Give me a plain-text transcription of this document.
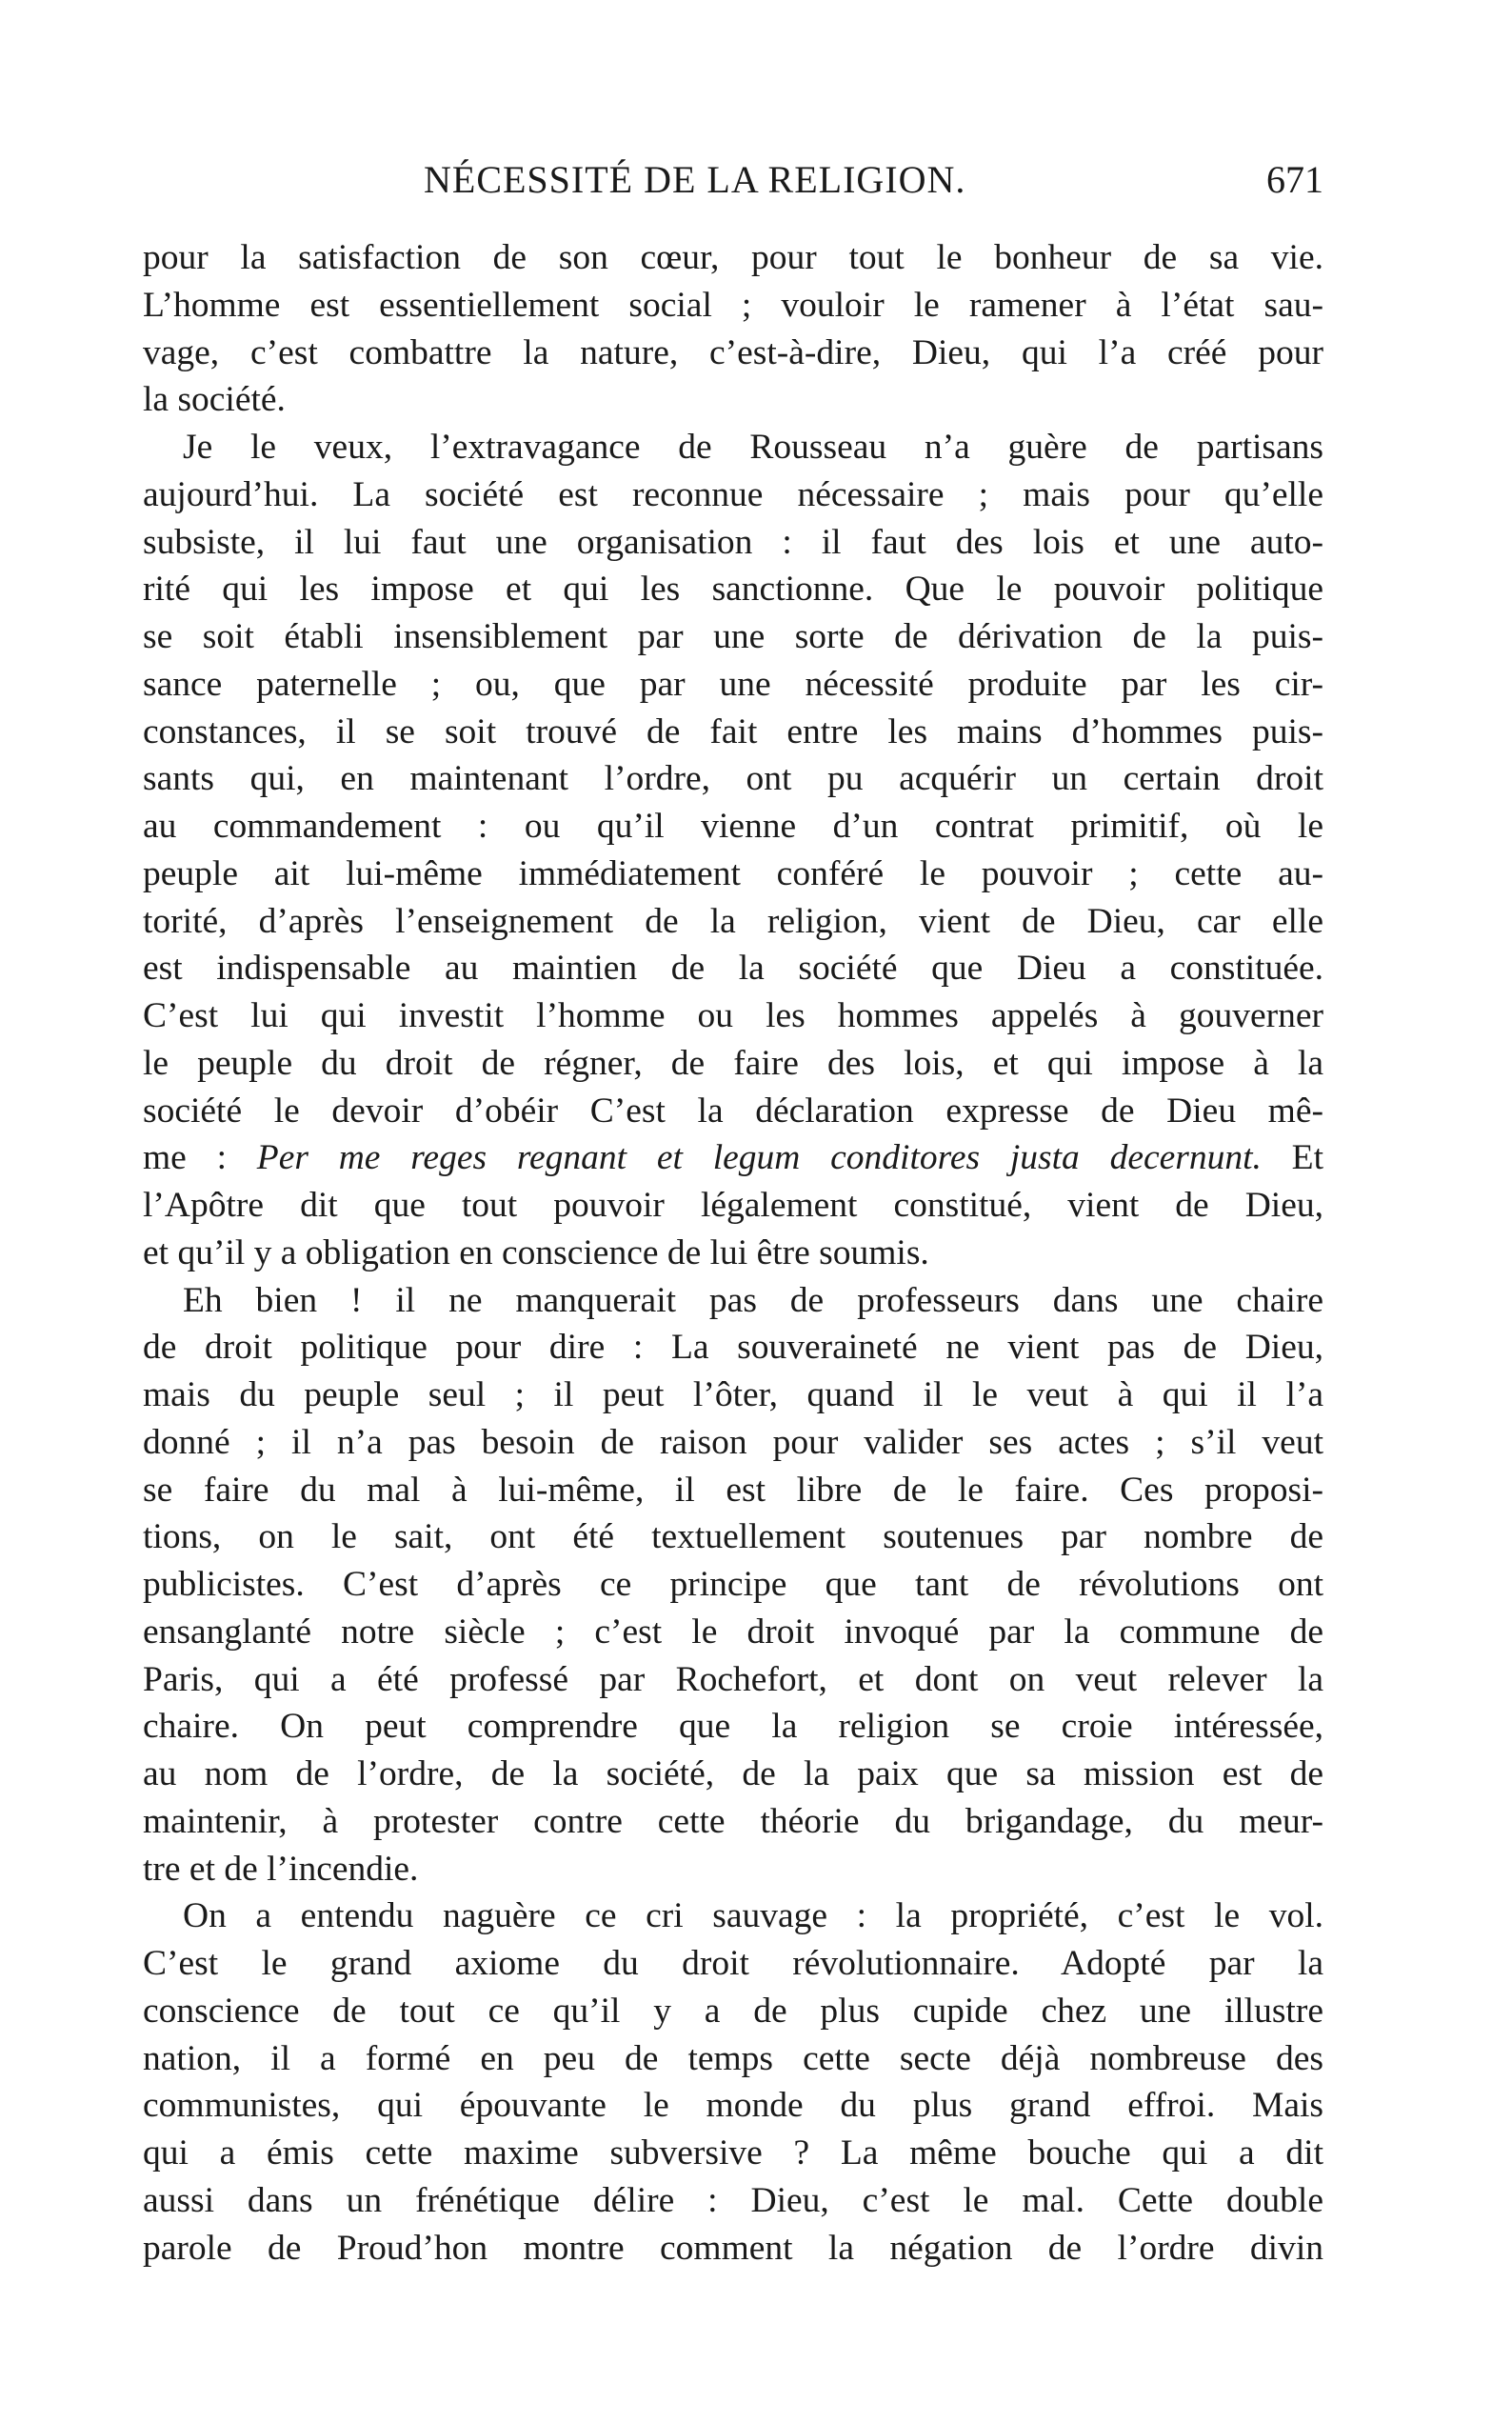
NÉCESSITÉ DE LA RELIGION.	671
pour la satisfaction de son cœur, pour tout le bonheur de sa vie.
L’homme est essentiellement social ; vouloir le ramener à l’état sau-
vage, c’est combattre la nature, c’est-à-dire, Dieu, qui l’a créé pour
la société.
Je le veux, l’extravagance de Rousseau n’a guère de partisans
aujourd’hui. La société est reconnue nécessaire ; mais pour qu’elle
subsiste, il lui faut une organisation : il faut des lois et une auto-
rité qui les impose et qui les sanctionne. Que le pouvoir politique
se soit établi insensiblement par une sorte de dérivation de la puis-
sance paternelle ; ou, que par une nécessité produite par les cir-
constances, il se soit trouvé de fait entre les mains d’hommes puis-
sants qui, en maintenant l’ordre, ont pu acquérir un certain droit
au commandement : ou qu’il vienne d’un contrat primitif, où le
peuple ait lui-même immédiatement conféré le pouvoir ; cette au-
torité, d’après l’enseignement de la religion, vient de Dieu, car elle
est indispensable au maintien de la société que Dieu a constituée.
C’est lui qui investit l’homme ou les hommes appelés à gouverner
le peuple du droit de régner, de faire des lois, et qui impose à la
société le devoir d’obéir C’est la déclaration expresse de Dieu mê-
me : Per me reges regnant et legum conditores justa decernunt. Et
l’Apôtre dit que tout pouvoir légalement constitué, vient de Dieu,
et qu’il y a obligation en conscience de lui être soumis.
Eh bien ! il ne manquerait pas de professeurs dans une chaire
de droit politique pour dire : La souveraineté ne vient pas de Dieu,
mais du peuple seul ; il peut l’ôter, quand il le veut à qui il l’a
donné ; il n’a pas besoin de raison pour valider ses actes ; s’il veut
se faire du mal à lui-même, il est libre de le faire. Ces proposi-
tions, on le sait, ont été textuellement soutenues par nombre de
publicistes. C’est d’après ce principe que tant de révolutions ont
ensanglanté notre siècle ; c’est le droit invoqué par la commune de
Paris, qui a été professé par Rochefort, et dont on veut relever la
chaire. On peut comprendre que la religion se croie intéressée,
au nom de l’ordre, de la société, de la paix que sa mission est de
maintenir, à protester contre cette théorie du brigandage, du meur-
tre et de l’incendie.
On a entendu naguère ce cri sauvage : la propriété, c’est le vol.
C’est le grand axiome du droit révolutionnaire. Adopté par la
conscience de tout ce qu’il y a de plus cupide chez une illustre
nation, il a formé en peu de temps cette secte déjà nombreuse des
communistes, qui épouvante le monde du plus grand effroi. Mais
qui a émis cette maxime subversive ? La même bouche qui a dit
aussi dans un frénétique délire : Dieu, c’est le mal. Cette double
parole de Proud’hon montre comment la négation de l’ordre divin
